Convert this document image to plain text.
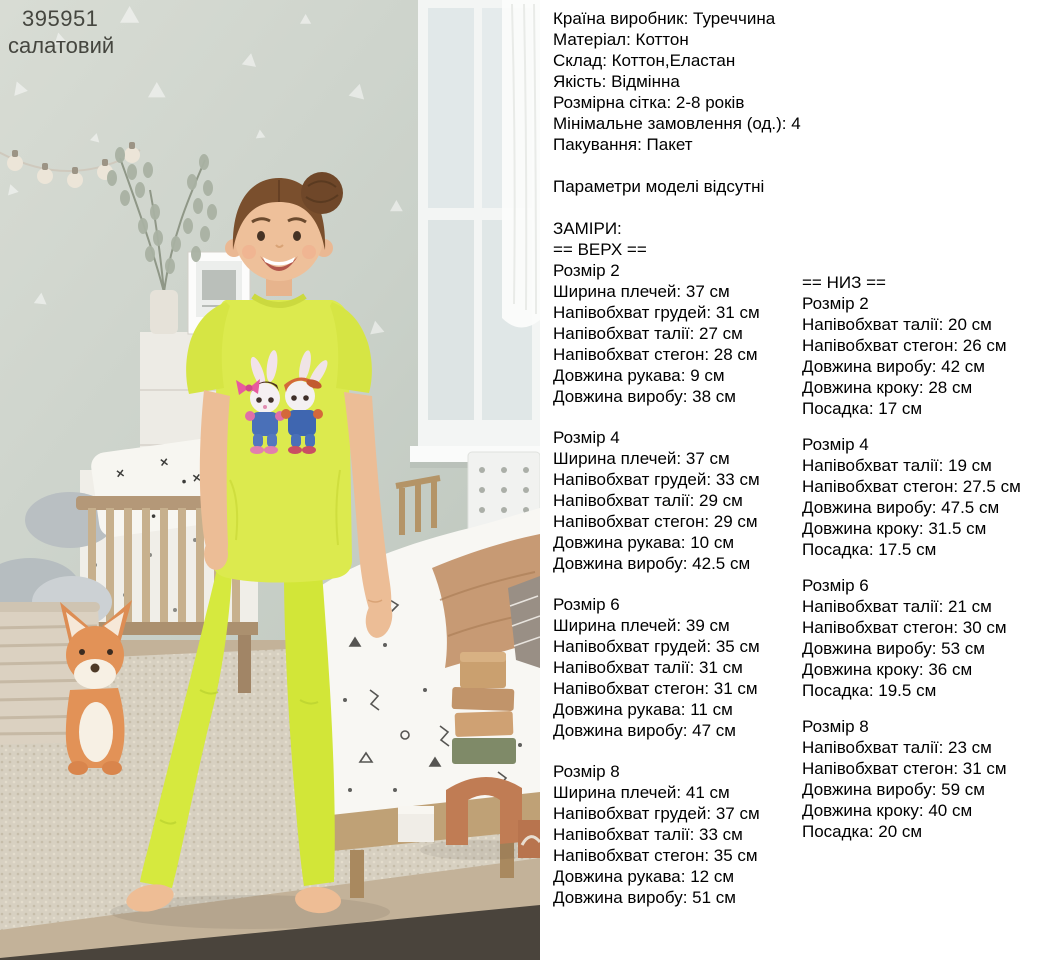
395951
салатовий
Країна виробник: Туреччина
Матеріал: Коттон
Склад: Коттон,Еластан
Якість: Відмінна
Розмірна сітка: 2-8 років
Мінімальне замовлення (од.): 4
Пакування: Пакет
Параметри моделі відсутні
ЗАМІРИ:
== ВЕРХ ==
Розмір 2
Ширина плечей: 37 см
Напівобхват грудей: 31 см
Напівобхват талії: 27 см
Напівобхват стегон: 28 см
Довжина рукава: 9 см
Довжина виробу: 38 см
Розмір 4
Ширина плечей: 37 см
Напівобхват грудей: 33 см
Напівобхват талії: 29 см
Напівобхват стегон: 29 см
Довжина рукава: 10 см
Довжина виробу: 42.5 см
Розмір 6
Ширина плечей: 39 см
Напівобхват грудей: 35 см
Напівобхват талії: 31 см
Напівобхват стегон: 31 см
Довжина рукава: 11 см
Довжина виробу: 47 см
Розмір 8
Ширина плечей: 41 см
Напівобхват грудей: 37 см
Напівобхват талії: 33 см
Напівобхват стегон: 35 см
Довжина рукава: 12 см
Довжина виробу: 51 см
== НИЗ ==
Розмір 2
Напівобхват талії: 20 см
Напівобхват стегон: 26 см
Довжина виробу: 42 см
Довжина кроку: 28 см
Посадка: 17 см
Розмір 4
Напівобхват талії: 19 см
Напівобхват стегон: 27.5 см
Довжина виробу: 47.5 см
Довжина кроку: 31.5 см
Посадка: 17.5 см
Розмір 6
Напівобхват талії: 21 см
Напівобхват стегон: 30 см
Довжина виробу: 53 см
Довжина кроку: 36 см
Посадка: 19.5 см
Розмір 8
Напівобхват талії: 23 см
Напівобхват стегон: 31 см
Довжина виробу: 59 см
Довжина кроку: 40 см
Посадка: 20 см
